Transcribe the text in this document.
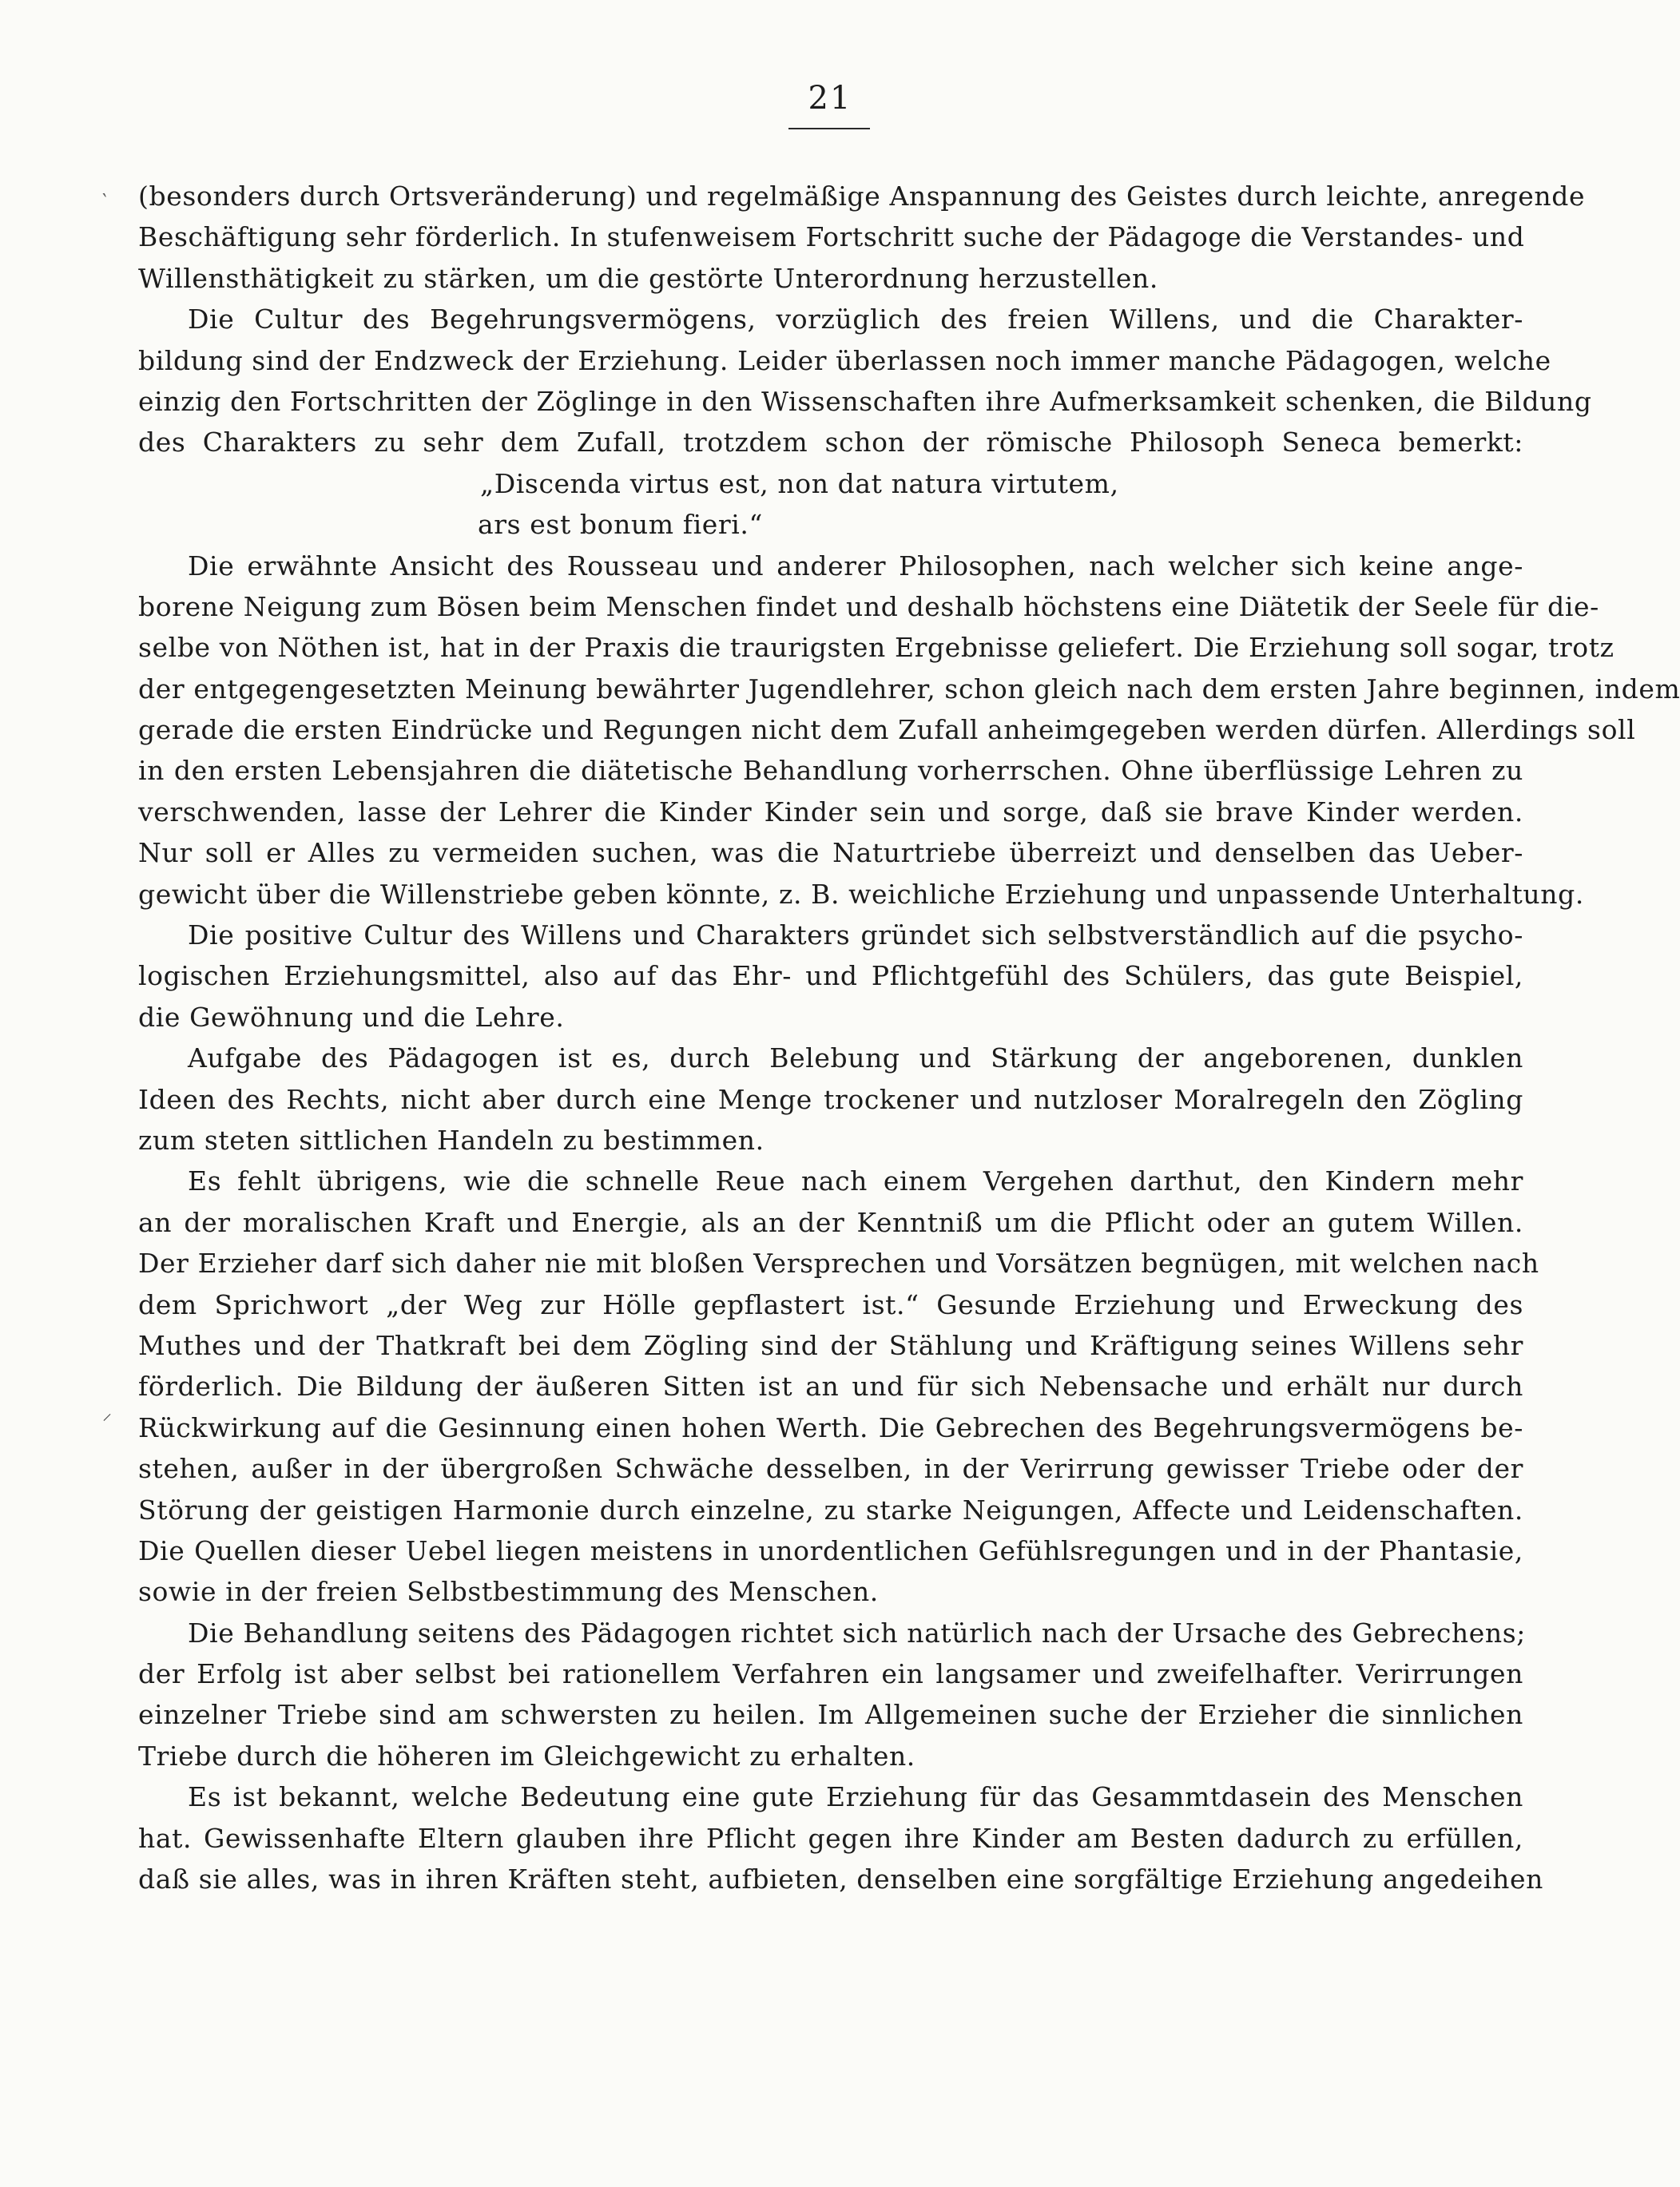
21
‵
⸝
(besonders durch Ortsveränderung) und regelmäßige Anspannung des Geistes durch leichte, anregende
Beschäftigung sehr förderlich. In stufenweisem Fortschritt suche der Pädagoge die Verstandes- und
Willensthätigkeit zu stärken, um die gestörte Unterordnung herzustellen.
Die Cultur des Begehrungsvermögens, vorzüglich des freien Willens, und die Charakter-
bildung sind der Endzweck der Erziehung. Leider überlassen noch immer manche Pädagogen, welche
einzig den Fortschritten der Zöglinge in den Wissenschaften ihre Aufmerksamkeit schenken, die Bildung
des Charakters zu sehr dem Zufall, trotzdem schon der römische Philosoph Seneca bemerkt:
„Discenda virtus est, non dat natura virtutem,
ars est bonum fieri.“
Die erwähnte Ansicht des Rousseau und anderer Philosophen, nach welcher sich keine ange-
borene Neigung zum Bösen beim Menschen findet und deshalb höchstens eine Diätetik der Seele für die-
selbe von Nöthen ist, hat in der Praxis die traurigsten Ergebnisse geliefert. Die Erziehung soll sogar, trotz
der entgegengesetzten Meinung bewährter Jugendlehrer, schon gleich nach dem ersten Jahre beginnen, indem
gerade die ersten Eindrücke und Regungen nicht dem Zufall anheimgegeben werden dürfen. Allerdings soll
in den ersten Lebensjahren die diätetische Behandlung vorherrschen. Ohne überflüssige Lehren zu
verschwenden, lasse der Lehrer die Kinder Kinder sein und sorge, daß sie brave Kinder werden.
Nur soll er Alles zu vermeiden suchen, was die Naturtriebe überreizt und denselben das Ueber-
gewicht über die Willenstriebe geben könnte, z. B. weichliche Erziehung und unpassende Unterhaltung.
Die positive Cultur des Willens und Charakters gründet sich selbstverständlich auf die psycho-
logischen Erziehungsmittel, also auf das Ehr- und Pflichtgefühl des Schülers, das gute Beispiel,
die Gewöhnung und die Lehre.
Aufgabe des Pädagogen ist es, durch Belebung und Stärkung der angeborenen, dunklen
Ideen des Rechts, nicht aber durch eine Menge trockener und nutzloser Moralregeln den Zögling
zum steten sittlichen Handeln zu bestimmen.
Es fehlt übrigens, wie die schnelle Reue nach einem Vergehen darthut, den Kindern mehr
an der moralischen Kraft und Energie, als an der Kenntniß um die Pflicht oder an gutem Willen.
Der Erzieher darf sich daher nie mit bloßen Versprechen und Vorsätzen begnügen, mit welchen nach
dem Sprichwort „der Weg zur Hölle gepflastert ist.“ Gesunde Erziehung und Erweckung des
Muthes und der Thatkraft bei dem Zögling sind der Stählung und Kräftigung seines Willens sehr
förderlich. Die Bildung der äußeren Sitten ist an und für sich Nebensache und erhält nur durch
Rückwirkung auf die Gesinnung einen hohen Werth. Die Gebrechen des Begehrungsvermögens be-
stehen, außer in der übergroßen Schwäche desselben, in der Verirrung gewisser Triebe oder der
Störung der geistigen Harmonie durch einzelne, zu starke Neigungen, Affecte und Leidenschaften.
Die Quellen dieser Uebel liegen meistens in unordentlichen Gefühlsregungen und in der Phantasie,
sowie in der freien Selbstbestimmung des Menschen.
Die Behandlung seitens des Pädagogen richtet sich natürlich nach der Ursache des Gebrechens;
der Erfolg ist aber selbst bei rationellem Verfahren ein langsamer und zweifelhafter. Verirrungen
einzelner Triebe sind am schwersten zu heilen. Im Allgemeinen suche der Erzieher die sinnlichen
Triebe durch die höheren im Gleichgewicht zu erhalten.
Es ist bekannt, welche Bedeutung eine gute Erziehung für das Gesammtdasein des Menschen
hat. Gewissenhafte Eltern glauben ihre Pflicht gegen ihre Kinder am Besten dadurch zu erfüllen,
daß sie alles, was in ihren Kräften steht, aufbieten, denselben eine sorgfältige Erziehung angedeihen
